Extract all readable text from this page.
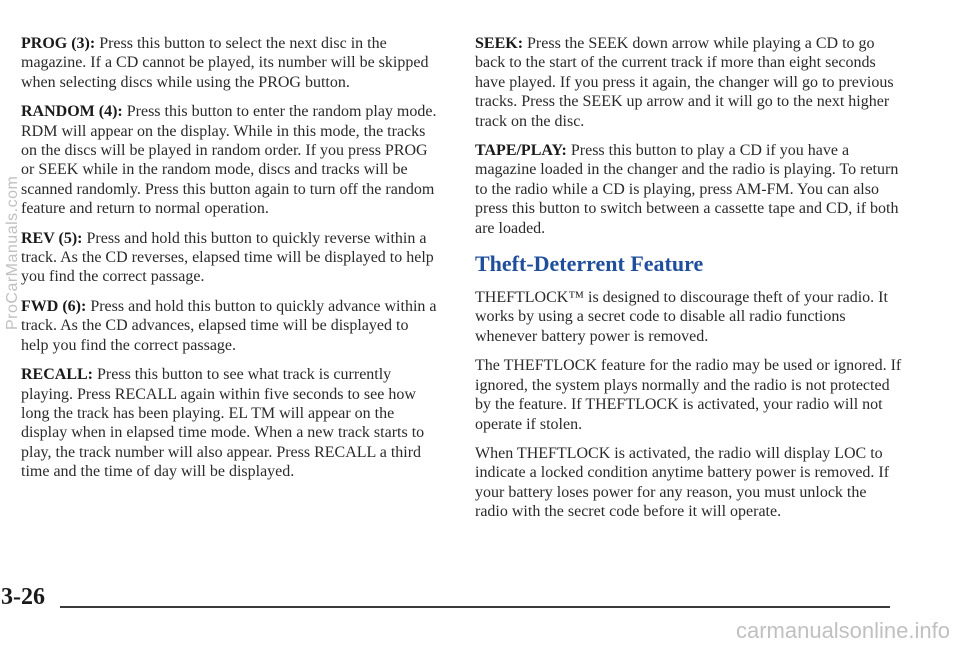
PROG (3): Press this button to select the next disc in the magazine. If a CD cannot be played, its number will be skipped when selecting discs while using the PROG button.

RANDOM (4): Press this button to enter the random play mode. RDM will appear on the display. While in this mode, the tracks on the discs will be played in random order. If you press PROG or SEEK while in the random mode, discs and tracks will be scanned randomly. Press this button again to turn off the random feature and return to normal operation.

REV (5): Press and hold this button to quickly reverse within a track. As the CD reverses, elapsed time will be displayed to help you find the correct passage.

FWD (6): Press and hold this button to quickly advance within a track. As the CD advances, elapsed time will be displayed to help you find the correct passage.

RECALL: Press this button to see what track is currently playing. Press RECALL again within five seconds to see how long the track has been playing. EL TM will appear on the display when in elapsed time mode. When a new track starts to play, the track number will also appear. Press RECALL a third time and the time of day will be displayed.

SEEK: Press the SEEK down arrow while playing a CD to go back to the start of the current track if more than eight seconds have played. If you press it again, the changer will go to previous tracks. Press the SEEK up arrow and it will go to the next higher track on the disc.

TAPE/PLAY: Press this button to play a CD if you have a magazine loaded in the changer and the radio is playing. To return to the radio while a CD is playing, press AM-FM. You can also press this button to switch between a cassette tape and CD, if both are loaded.

Theft-Deterrent Feature

THEFTLOCK™ is designed to discourage theft of your radio. It works by using a secret code to disable all radio functions whenever battery power is removed.

The THEFTLOCK feature for the radio may be used or ignored. If ignored, the system plays normally and the radio is not protected by the feature. If THEFTLOCK is activated, your radio will not operate if stolen.

When THEFTLOCK is activated, the radio will display LOC to indicate a locked condition anytime battery power is removed. If your battery loses power for any reason, you must unlock the radio with the secret code before it will operate.

3-26
ProCarManuals.com
carmanualsonline.info
